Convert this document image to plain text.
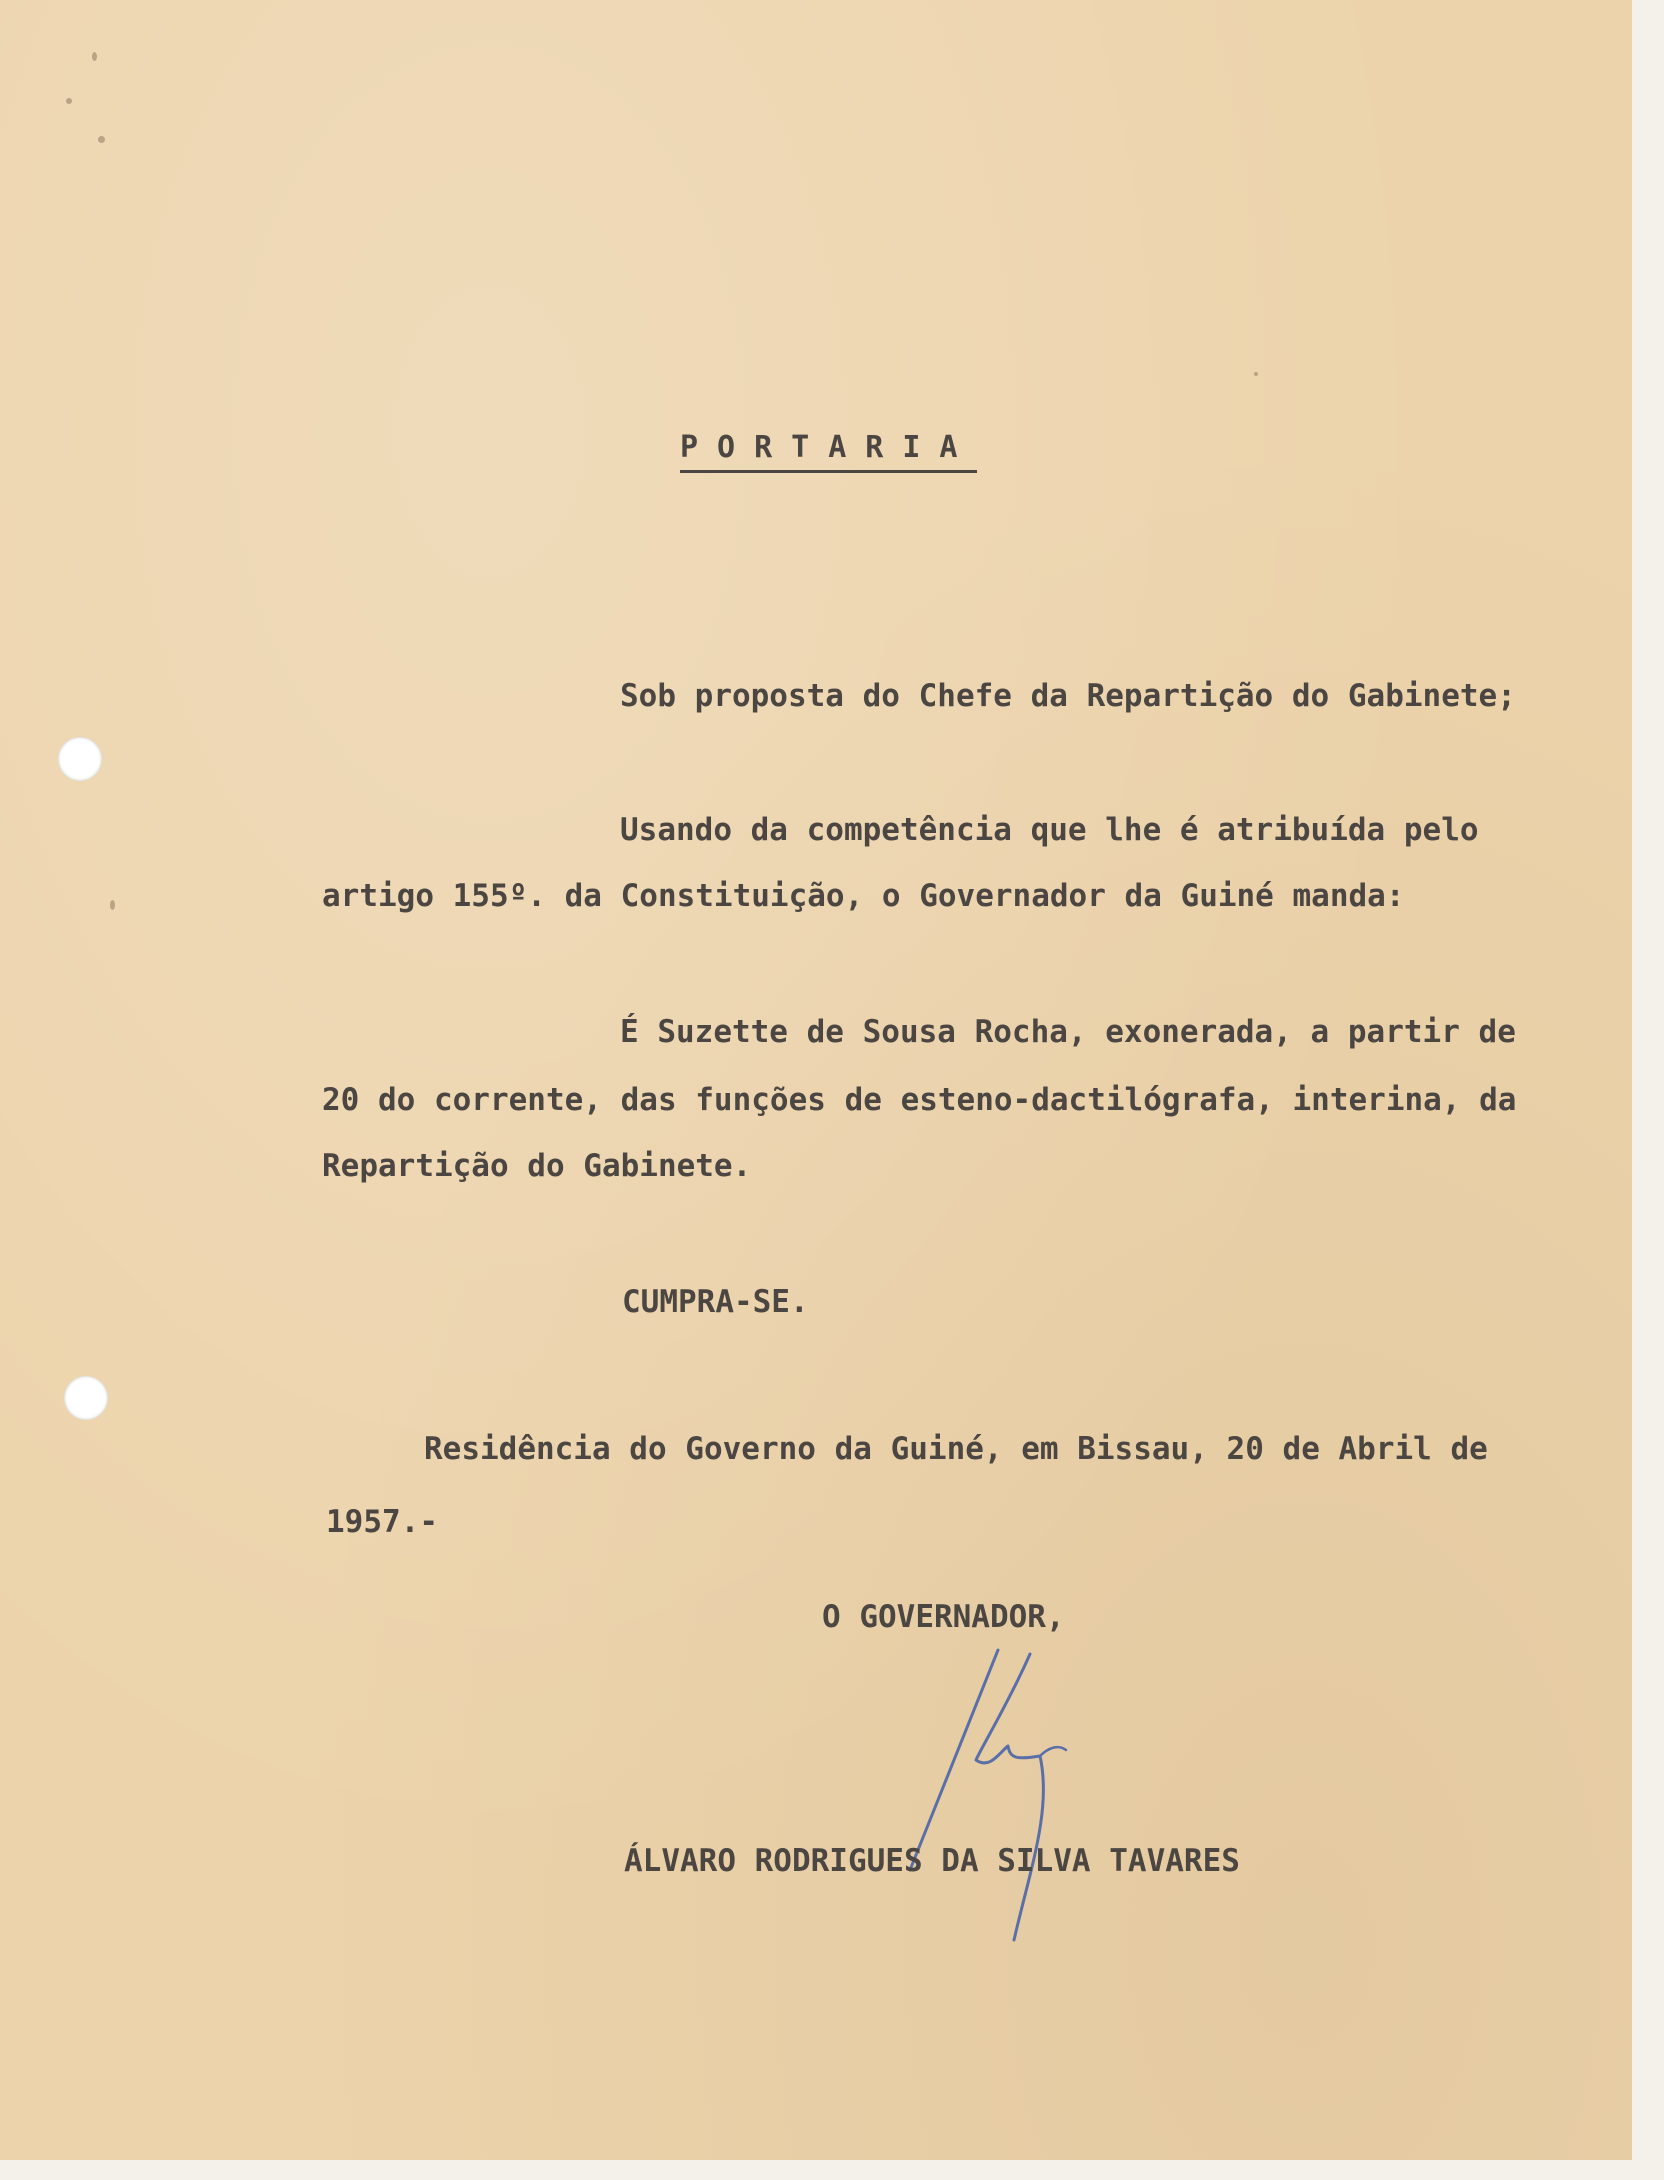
PORTARIA

Sob proposta do Chefe da Repartição do Gabinete;

Usando da competência que lhe é atribuída pelo

artigo 155º. da Constituição, o Governador da Guiné manda:

É Suzette de Sousa Rocha, exonerada, a partir de

20 do corrente, das funções de esteno-dactilógrafa, interina, da

Repartição do Gabinete.

CUMPRA-SE.

Residência do Governo da Guiné, em Bissau, 20 de Abril de

1957.-

O GOVERNADOR,

ÁLVARO RODRIGUES DA SILVA TAVARES
